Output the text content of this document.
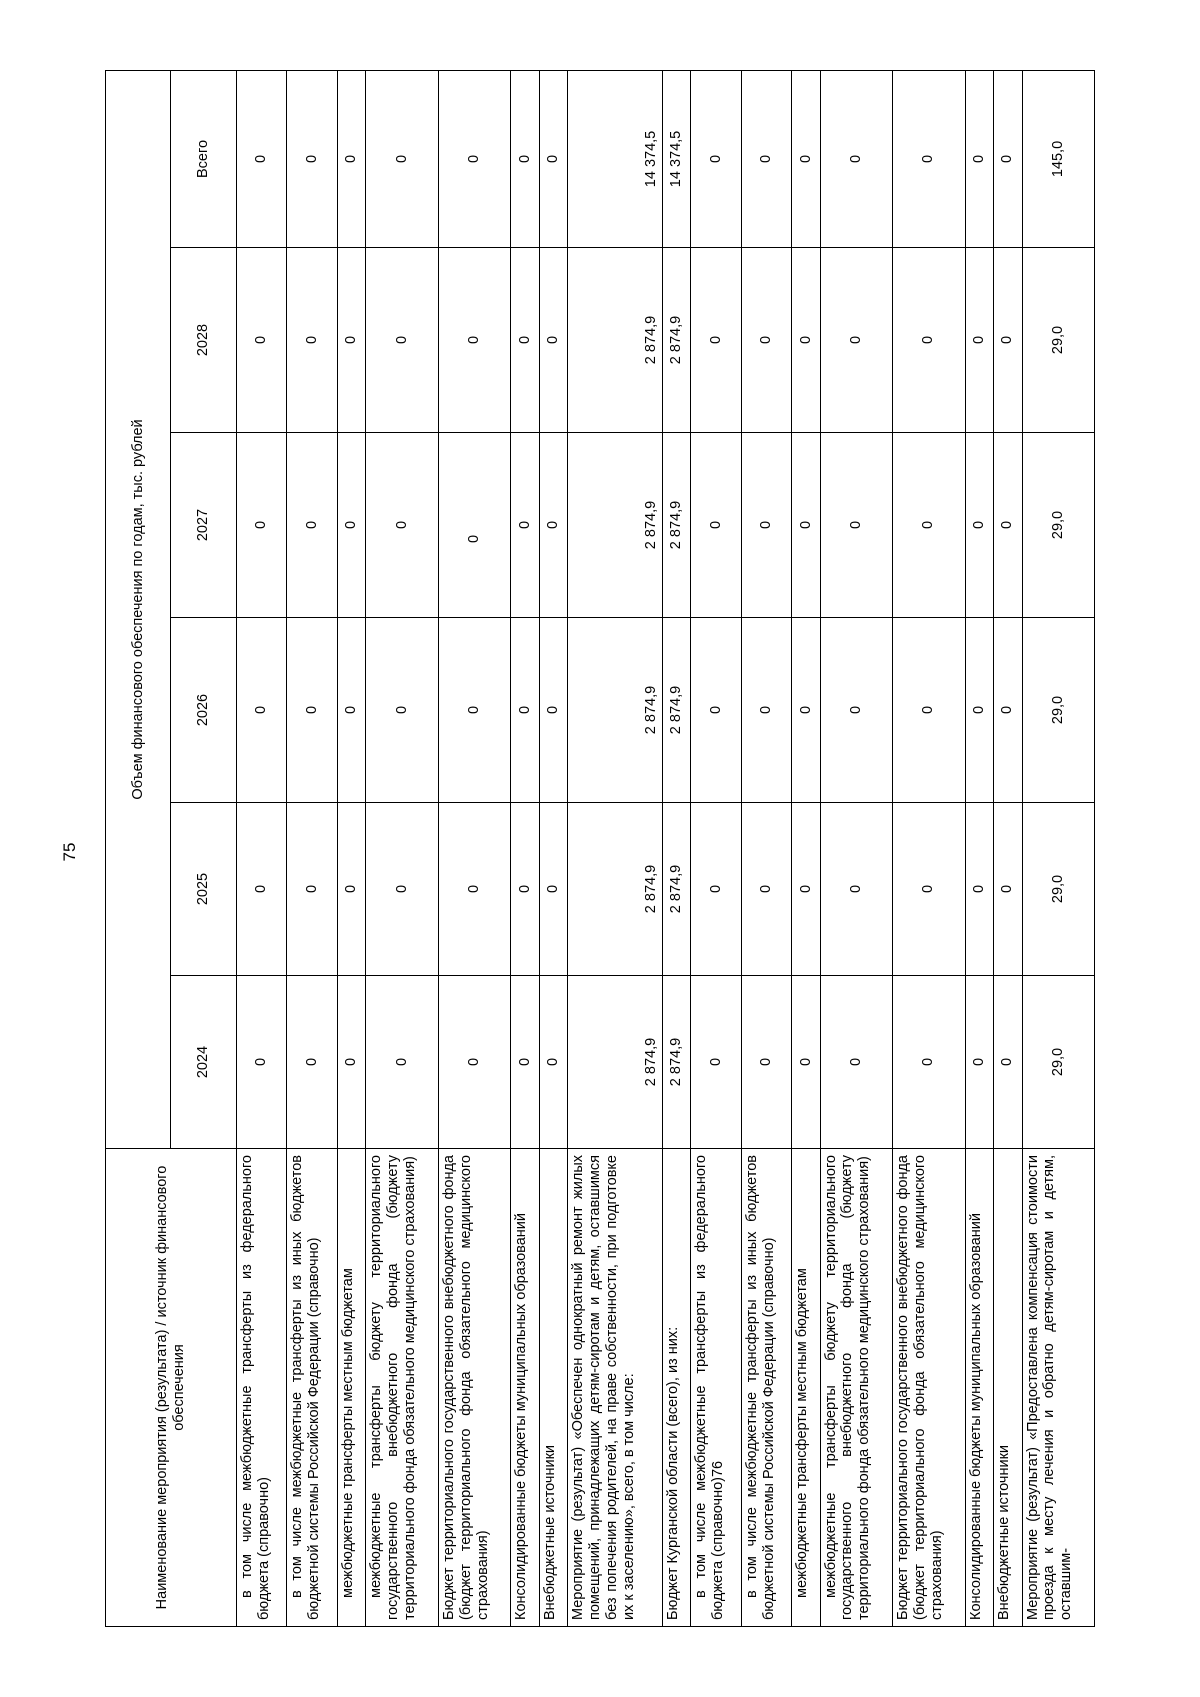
75
Наименование мероприятия (результата) / источник финансового обеспечения	Объем финансового обеспечения по годам, тыс. рублей					
	2024	2025	2026	2027	2028	Всего
в том числе межбюджетные трансферты из федерального бюджета (справочно)	0	0	0	0	0	0
в том числе межбюджетные трансферты из иных бюджетов бюджетной системы Российской Федерации (справочно)	0	0	0	0	0	0
межбюджетные трансферты местным бюджетам	0	0	0	0	0	0
межбюджетные трансферты бюджету территориального государственного внебюджетного фонда (бюджету территориального фонда обязательного медицинского страхования)	0	0	0	0	0	0
Бюджет территориального государственного внебюджетного фонда (бюджет территориального фонда обязательного медицинского страхования)	0	0	0	0	0	0
Консолидированные бюджеты муниципальных образований	0	0	0	0	0	0
Внебюджетные источники	0	0	0	0	0	0
Мероприятие (результат) «Обеспечен однократный ремонт жилых помещений, принадлежащих детям-сиротам и детям, оставшимся без попечения родителей, на праве собственности, при подготовке их к заселению», всего, в том числе:	2 874,9	2 874,9	2 874,9	2 874,9	2 874,9	14 374,5
Бюджет Курганской области (всего), из них:	2 874,9	2 874,9	2 874,9	2 874,9	2 874,9	14 374,5
в том числе межбюджетные трансферты из федерального бюджета (справочно)76	0	0	0	0	0	0
в том числе межбюджетные трансферты из иных бюджетов бюджетной системы Российской Федерации (справочно)	0	0	0	0	0	0
межбюджетные трансферты местным бюджетам	0	0	0	0	0	0
межбюджетные трансферты бюджету территориального государственного внебюджетного фонда (бюджету территориального фонда обязательного медицинского страхования)	0	0	0	0	0	0
Бюджет территориального государственного внебюджетного фонда (бюджет территориального фонда обязательного медицинского страхования)	0	0	0	0	0	0
Консолидированные бюджеты муниципальных образований	0	0	0	0	0	0
Внебюджетные источники	0	0	0	0	0	0
Мероприятие (результат) «Предоставлена компенсация стоимости проезда к месту лечения и обратно детям-сиротам и детям, оставшим-	29,0	29,0	29,0	29,0	29,0	145,0
